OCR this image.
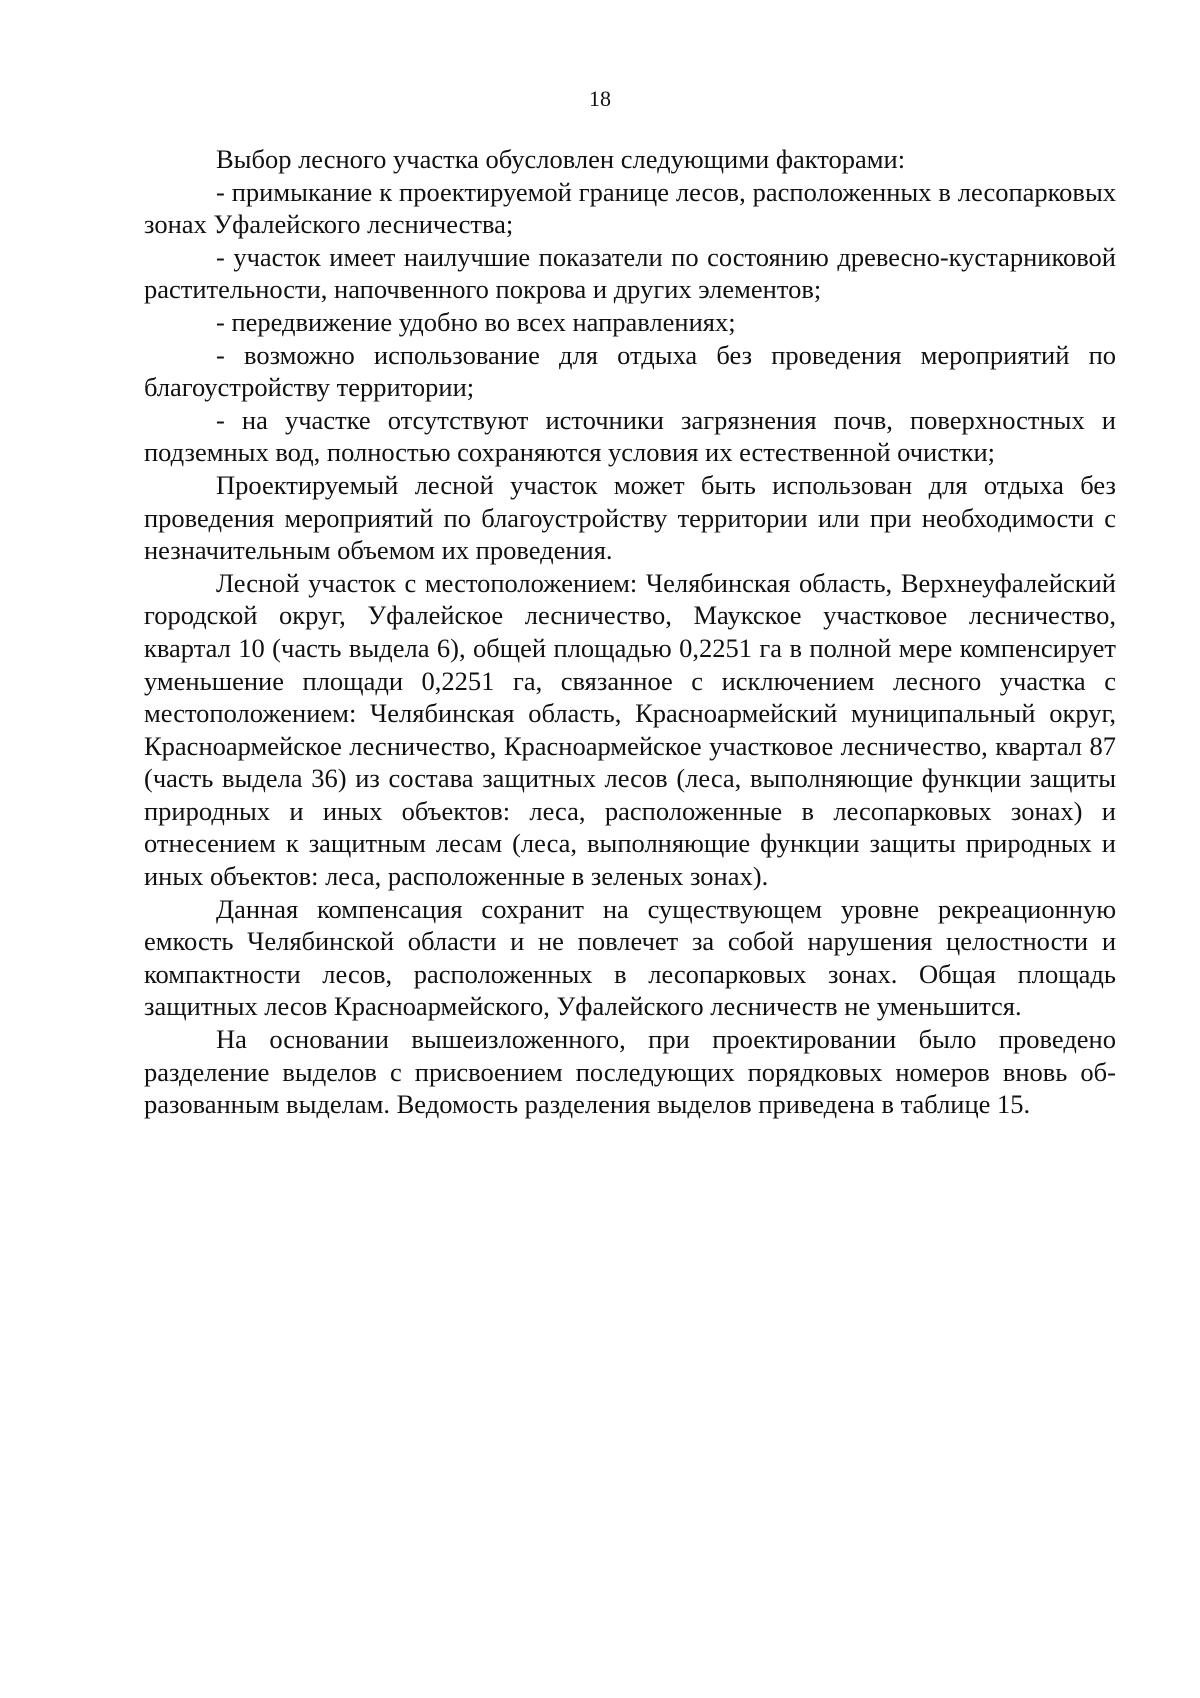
18

Выбор лесного участка обусловлен следующими факторами:

- примыкание к проектируемой границе лесов, расположенных в лесопарковых зонах Уфалейского лесничества;

- участок имеет наилучшие показатели по состоянию древесно-кустарниковой растительности, напочвенного покрова и других элементов;

- передвижение удобно во всех направлениях;

- возможно использование для отдыха без проведения мероприятий по благоустройству территории;

- на участке отсутствуют источники загрязнения почв, поверхностных и подземных вод, полностью сохраняются условия их естественной очистки;

Проектируемый лесной участок может быть использован для отдыха без проведения мероприятий по благоустройству территории или при необходимости с незначительным объемом их проведения.

Лесной участок с местоположением: Челябинская область, Верхнеуфалейский городской округ, Уфалейское лесничество, Маукское участковое лесничество, квартал 10 (часть выдела 6), общей площадью 0,2251 га в полной мере компенсирует уменьшение площади 0,2251 га, связанное с исключением лесного участка с местоположением: Челябинская область, Красноармейский муниципальный округ, Красноармейское лесничество, Красноармейское участковое лесничество, квартал 87 (часть выдела 36) из состава защитных лесов (леса, выполняющие функции защиты природных и иных объектов: леса, расположенные в лесопарковых зонах) и отнесением к защитным лесам (леса, выполняющие функции защиты природных и иных объектов: леса, расположенные в зеленых зонах).

Данная компенсация сохранит на существующем уровне рекреационную емкость Челябинской области и не повлечет за собой нарушения целостности и компактности лесов, расположенных в лесопарковых зонах. Общая площадь защитных лесов Красноармейского, Уфалейского лесничеств не уменьшится.

На основании вышеизложенного, при проектировании было проведено разделение выделов с присвоением последующих порядковых номеров вновь образованным выделам. Ведомость разделения выделов приведена в таблице 15.
